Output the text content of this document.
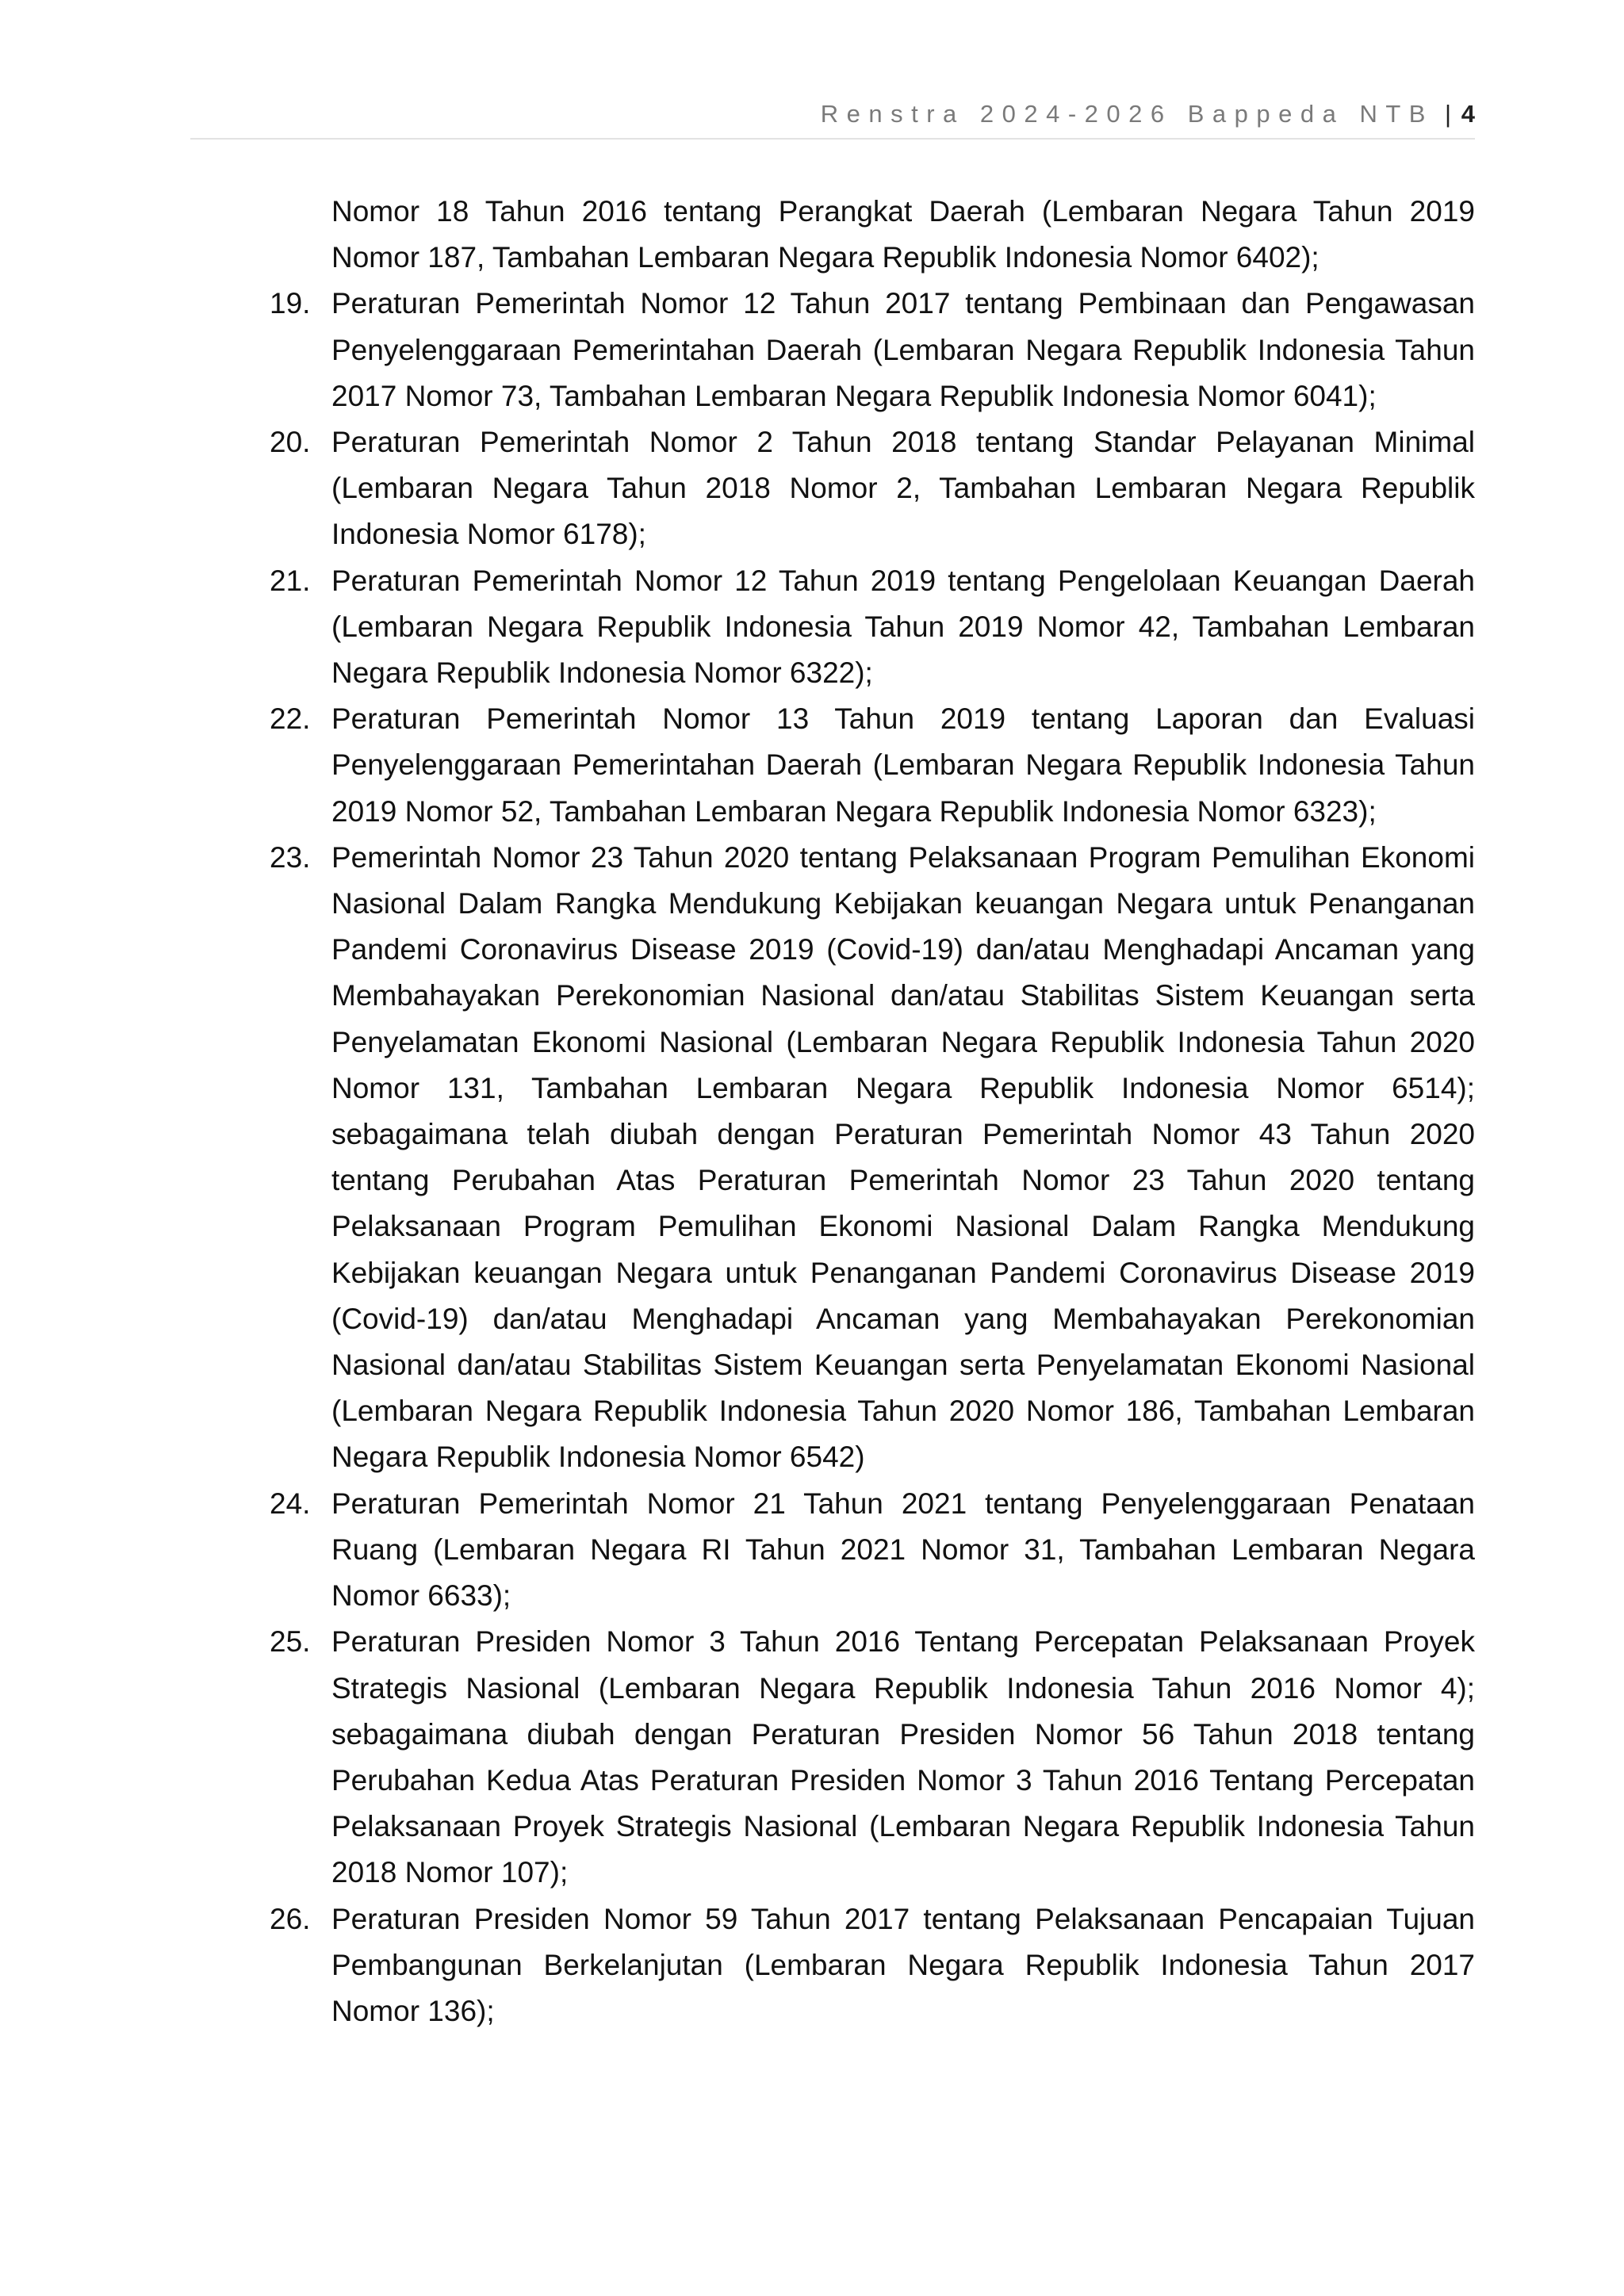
Renstra 2024-2026 Bappeda NTB | 4
Nomor 18 Tahun 2016 tentang Perangkat Daerah (Lembaran Negara Tahun 2019 Nomor 187, Tambahan Lembaran Negara Republik Indonesia Nomor 6402);
19. Peraturan Pemerintah Nomor 12 Tahun 2017 tentang Pembinaan dan Pengawasan Penyelenggaraan Pemerintahan Daerah (Lembaran Negara Republik Indonesia Tahun 2017 Nomor 73, Tambahan Lembaran Negara Republik Indonesia Nomor 6041);
20. Peraturan Pemerintah Nomor 2 Tahun 2018 tentang Standar Pelayanan Minimal (Lembaran Negara Tahun 2018 Nomor 2, Tambahan Lembaran Negara Republik Indonesia Nomor 6178);
21. Peraturan Pemerintah Nomor 12 Tahun 2019 tentang Pengelolaan Keuangan Daerah (Lembaran Negara Republik Indonesia Tahun 2019 Nomor 42, Tambahan Lembaran Negara Republik Indonesia Nomor 6322);
22. Peraturan Pemerintah Nomor 13 Tahun 2019 tentang Laporan dan Evaluasi Penyelenggaraan Pemerintahan Daerah (Lembaran Negara Republik Indonesia Tahun 2019 Nomor 52, Tambahan Lembaran Negara Republik Indonesia Nomor 6323);
23. Pemerintah Nomor 23 Tahun 2020 tentang Pelaksanaan Program Pemulihan Ekonomi Nasional Dalam Rangka Mendukung Kebijakan keuangan Negara untuk Penanganan Pandemi Coronavirus Disease 2019 (Covid-19) dan/atau Menghadapi Ancaman yang Membahayakan Perekonomian Nasional dan/atau Stabilitas Sistem Keuangan serta Penyelamatan Ekonomi Nasional (Lembaran Negara Republik Indonesia Tahun 2020 Nomor 131, Tambahan Lembaran Negara Republik Indonesia Nomor 6514); sebagaimana telah diubah dengan Peraturan Pemerintah Nomor 43 Tahun 2020 tentang Perubahan Atas Peraturan Pemerintah Nomor 23 Tahun 2020 tentang Pelaksanaan Program Pemulihan Ekonomi Nasional Dalam Rangka Mendukung Kebijakan keuangan Negara untuk Penanganan Pandemi Coronavirus Disease 2019 (Covid-19) dan/atau Menghadapi Ancaman yang Membahayakan Perekonomian Nasional dan/atau Stabilitas Sistem Keuangan serta Penyelamatan Ekonomi Nasional (Lembaran Negara Republik Indonesia Tahun 2020 Nomor 186, Tambahan Lembaran Negara Republik Indonesia Nomor 6542)
24. Peraturan Pemerintah Nomor 21 Tahun 2021 tentang Penyelenggaraan Penataan Ruang (Lembaran Negara RI Tahun 2021 Nomor 31, Tambahan Lembaran Negara Nomor 6633);
25. Peraturan Presiden Nomor 3 Tahun 2016 Tentang Percepatan Pelaksanaan Proyek Strategis Nasional (Lembaran Negara Republik Indonesia Tahun 2016 Nomor 4); sebagaimana diubah dengan Peraturan Presiden Nomor 56 Tahun 2018 tentang Perubahan Kedua Atas Peraturan Presiden Nomor 3 Tahun 2016 Tentang Percepatan Pelaksanaan Proyek Strategis Nasional (Lembaran Negara Republik Indonesia Tahun 2018 Nomor 107);
26. Peraturan Presiden Nomor 59 Tahun 2017 tentang Pelaksanaan Pencapaian Tujuan Pembangunan Berkelanjutan (Lembaran Negara Republik Indonesia Tahun 2017 Nomor 136);
